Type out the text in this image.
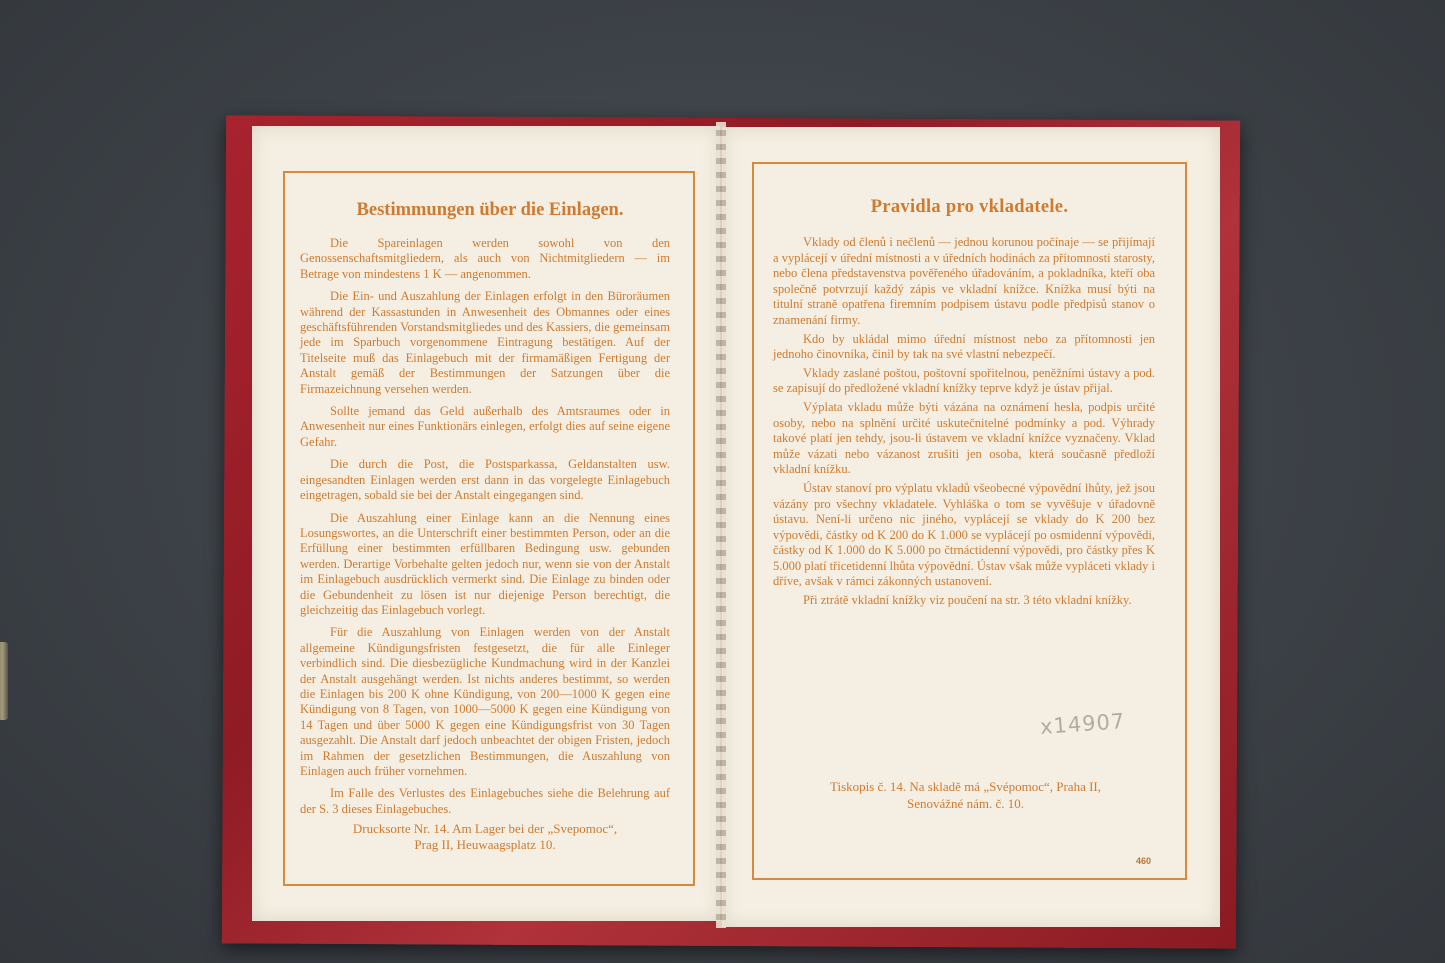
Bestimmungen über die Einlagen.

Die Spareinlagen werden sowohl von den Genossenschaftsmitgliedern, als auch von Nichtmitgliedern — im Betrage von mindestens 1 K — angenommen.

Die Ein- und Auszahlung der Einlagen erfolgt in den Büroräumen während der Kassastunden in Anwesenheit des Obmannes oder eines geschäftsführenden Vorstandsmitgliedes und des Kassiers, die gemeinsam jede im Sparbuch vorgenommene Eintragung bestätigen. Auf der Titelseite muß das Einlagebuch mit der firmamäßigen Fertigung der Anstalt gemäß der Bestimmungen der Satzungen über die Firmazeichnung versehen werden.

Sollte jemand das Geld außerhalb des Amtsraumes oder in Anwesenheit nur eines Funktionärs einlegen, erfolgt dies auf seine eigene Gefahr.

Die durch die Post, die Postsparkassa, Geldanstalten usw. eingesandten Einlagen werden erst dann in das vorgelegte Einlagebuch eingetragen, sobald sie bei der Anstalt eingegangen sind.

Die Auszahlung einer Einlage kann an die Nennung eines Losungswortes, an die Unterschrift einer bestimmten Person, oder an die Erfüllung einer bestimmten erfüllbaren Bedingung usw. gebunden werden. Derartige Vorbehalte gelten jedoch nur, wenn sie von der Anstalt im Einlagebuch ausdrücklich vermerkt sind. Die Einlage zu binden oder die Gebundenheit zu lösen ist nur diejenige Person berechtigt, die gleichzeitig das Einlagebuch vorlegt.

Für die Auszahlung von Einlagen werden von der Anstalt allgemeine Kündigungsfristen festgesetzt, die für alle Einleger verbindlich sind. Die diesbezügliche Kundmachung wird in der Kanzlei der Anstalt ausgehängt werden. Ist nichts anderes bestimmt, so werden die Einlagen bis 200 K ohne Kündigung, von 200—1000 K gegen eine Kündigung von 8 Tagen, von 1000—5000 K gegen eine Kündigung von 14 Tagen und über 5000 K gegen eine Kündigungsfrist von 30 Tagen ausgezahlt. Die Anstalt darf jedoch unbeachtet der obigen Fristen, jedoch im Rahmen der gesetzlichen Bestimmungen, die Auszahlung von Einlagen auch früher vornehmen.

Im Falle des Verlustes des Einlagebuches siehe die Belehrung auf der S. 3 dieses Einlagebuches.

Drucksorte Nr. 14. Am Lager bei der „Svepomoc“,
Prag II, Heuwaagsplatz 10.
Pravidla pro vkladatele.

Vklady od členů i nečlenů — jednou korunou počínaje — se přijímají a vyplácejí v úřední místnosti a v úředních hodinách za přítomnosti starosty, nebo člena představenstva pověřeného úřadováním, a pokladníka, kteří oba společně potvrzují každý zápis ve vkladní knížce. Knížka musí býti na titulní straně opatřena firemním podpisem ústavu podle předpisů stanov o znamenání firmy.

Kdo by ukládal mimo úřední místnost nebo za přítomnosti jen jednoho činovníka, činil by tak na své vlastní nebezpečí.

Vklady zaslané poštou, poštovní spořitelnou, peněžními ústavy a pod. se zapisují do předložené vkladní knížky teprve když je ústav přijal.

Výplata vkladu může býti vázána na oznámení hesla, podpis určité osoby, nebo na splnění určité uskutečnitelné podmínky a pod. Výhrady takové platí jen tehdy, jsou-li ústavem ve vkladní knížce vyznačeny. Vklad může vázati nebo vázanost zrušiti jen osoba, která současně předloží vkladní knížku.

Ústav stanoví pro výplatu vkladů všeobecné výpovědní lhůty, jež jsou vázány pro všechny vkladatele. Vyhláška o tom se vyvěšuje v úřadovně ústavu. Není-li určeno nic jiného, vyplácejí se vklady do K 200 bez výpovědi, částky od K 200 do K 1.000 se vyplácejí po osmidenní výpovědi, částky od K 1.000 do K 5.000 po čtrnáctidenní výpovědi, pro částky přes K 5.000 platí třicetidenní lhůta výpovědní. Ústav však může vypláceti vklady i dříve, avšak v rámci zákonných ustanovení.

Při ztrátě vkladní knížky viz poučení na str. 3 této vkladní knížky.

x14907
Tiskopis č. 14. Na skladě má „Svépomoc“, Praha II,
Senovážné nám. č. 10.
460
